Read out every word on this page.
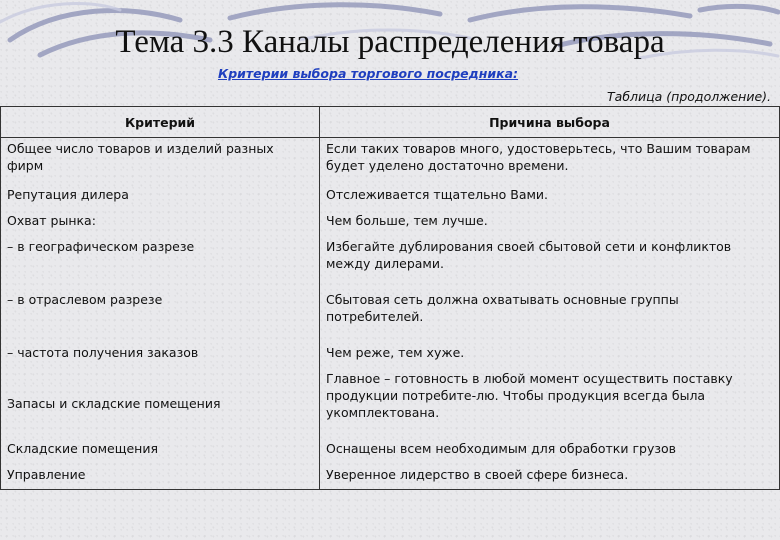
Тема 3.3 Каналы распределения товара
Критерии выбора торгового посредника:
Таблица (продолжение).
Критерий	Причина выбора
Общее число товаров и изделий разных фирм	Если таких товаров много, удостоверьтесь, что Вашим товарам будет уделено достаточно времени.
Репутация дилера	Отслеживается тщательно Вами.
Охват рынка:	Чем больше, тем лучше.
– в географическом разрезе	Избегайте дублирования своей сбытовой сети и конфликтов между дилерами.
– в отраслевом разрезе	Сбытовая сеть должна охватывать основные группы потребителей.
– частота получения заказов	Чем реже, тем хуже.
Запасы и складские помещения	Главное – готовность в любой момент осуществить поставку продукции потребите-лю. Чтобы продукция всегда была укомплектована.
Складские помещения	Оснащены всем необходимым для обработки грузов
Управление	Уверенное лидерство в своей сфере бизнеса.
